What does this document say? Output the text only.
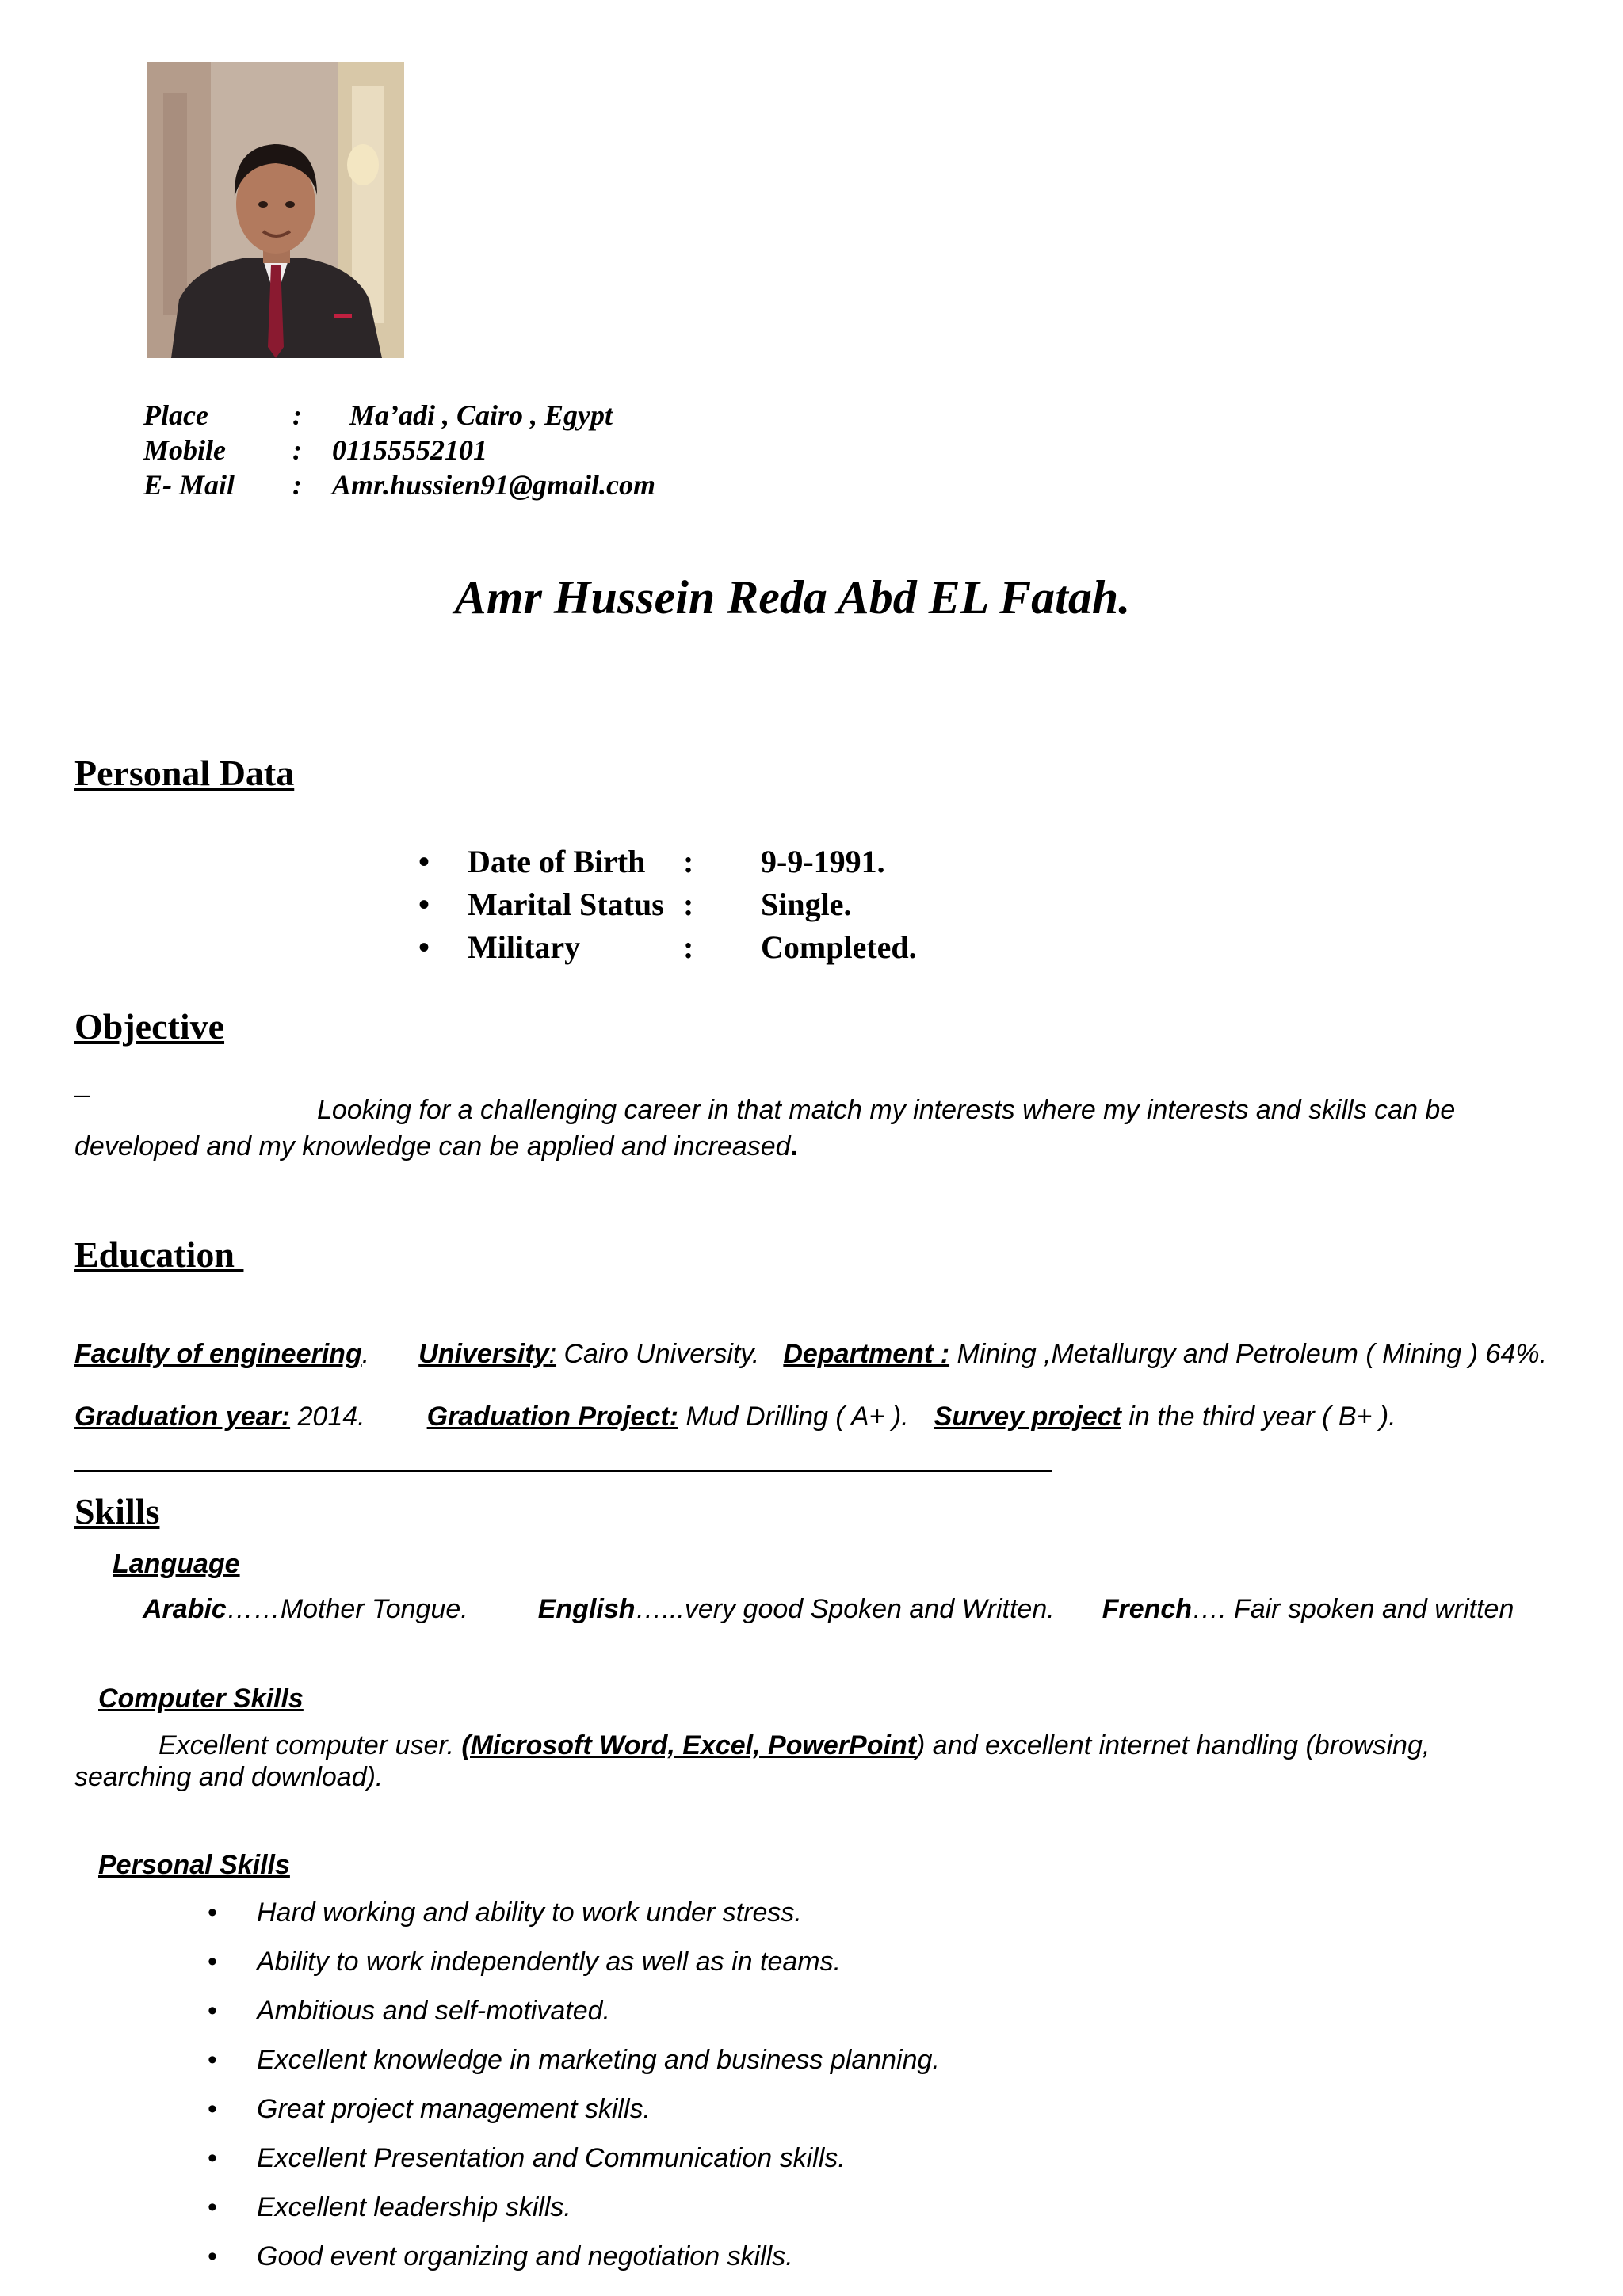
Place	: Ma’adi , Cairo , Egypt
Mobile : 01155552101
E- Mail : Amr.hussien91@gmail.com
Amr Hussein Reda Abd EL Fatah.
Personal Data
• Date of Birth : 9-9-1991.
• Marital Status : Single.
• Military	: Completed.
Objective
_
Looking for a challenging career in that match my interests where my interests and skills can be
developed and my knowledge can be applied and increased.
Education
Faculty of engineering. University: Cairo University. Department : Mining ,Metallurgy and Petroleum ( Mining ) 64%.
Graduation year: 2014. Graduation Project: Mud Drilling ( A+ ). Survey project in the third year ( B+ ).
Skills
Language
Arabic……Mother Tongue.	English…...very good Spoken and Written. French…. Fair spoken and written
Computer Skills
Excellent computer user. (Microsoft Word, Excel, PowerPoint) and excellent internet handling (browsing,
searching and download).
Personal Skills
• Hard working and ability to work under stress.
• Ability to work independently as well as in teams.
• Ambitious and self-motivated.
• Excellent knowledge in marketing and business planning.
• Great project management skills.
• Excellent Presentation and Communication skills.
• Excellent leadership skills.
• Good event organizing and negotiation skills.
